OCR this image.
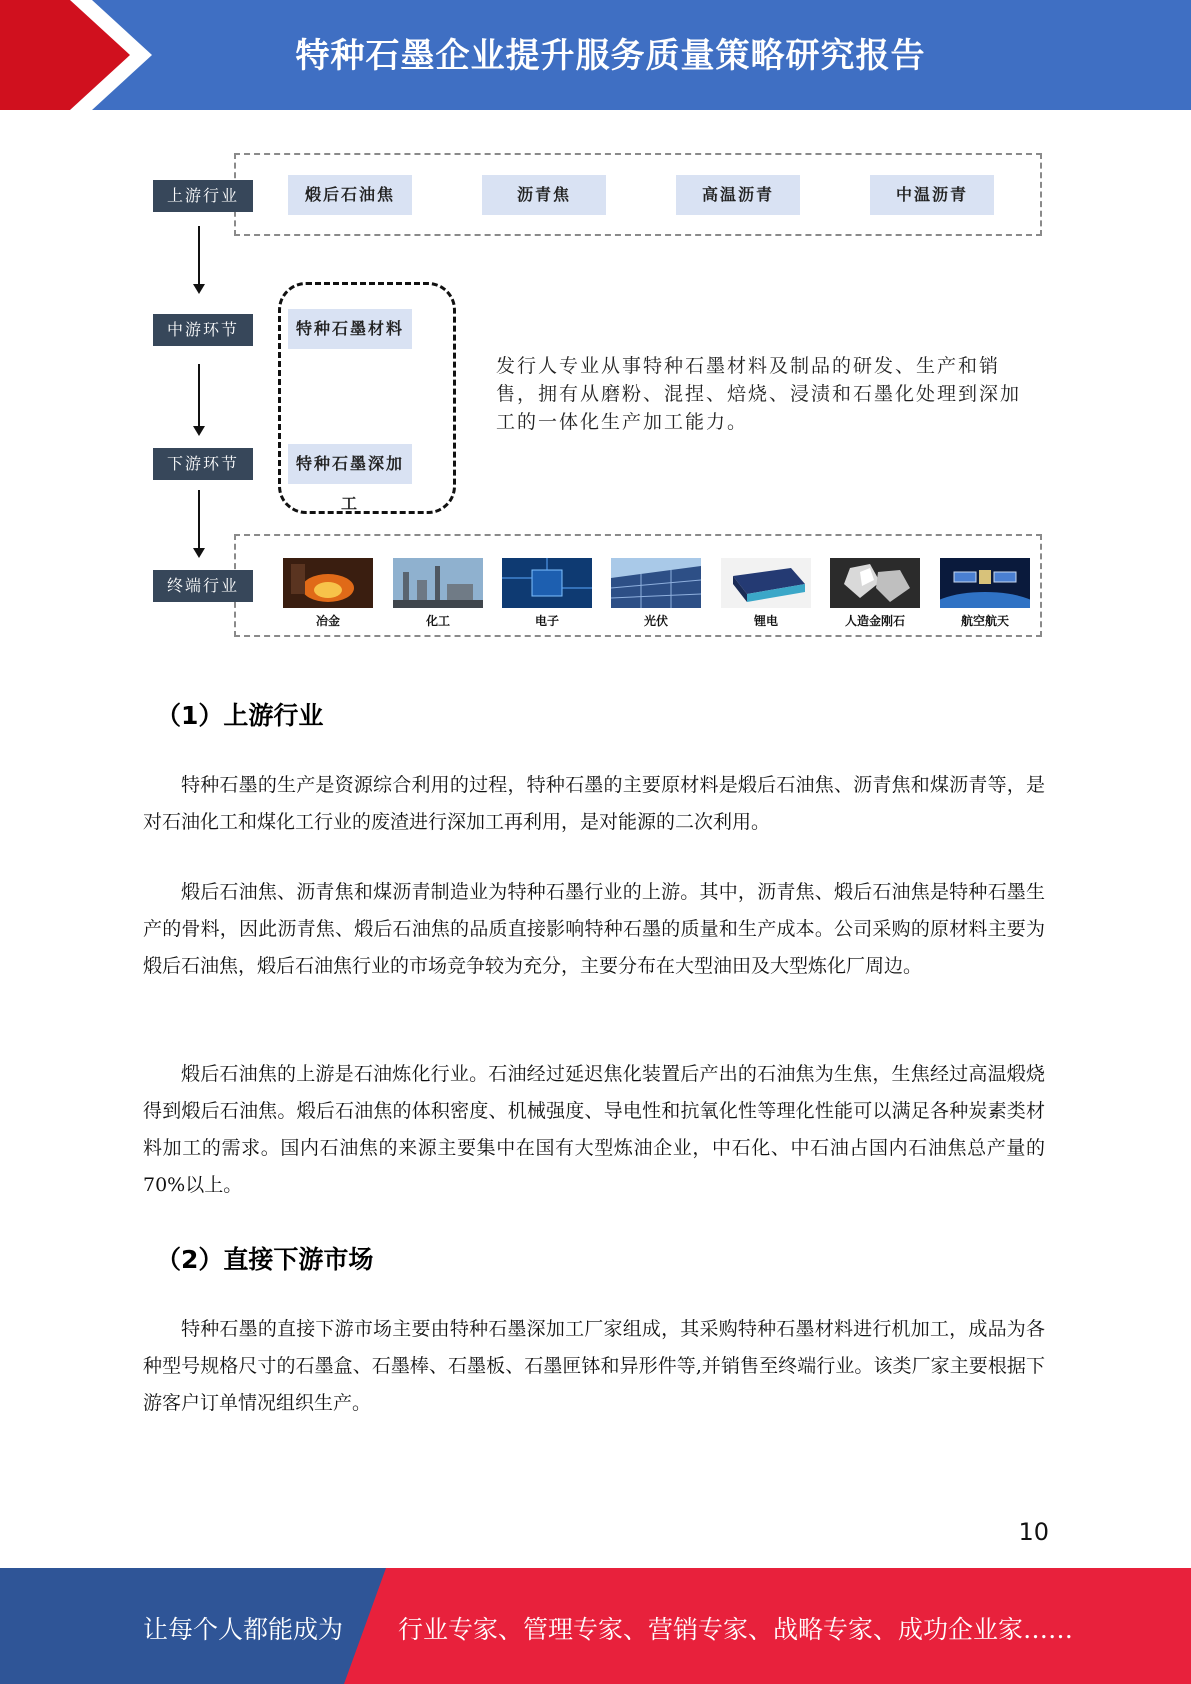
特种石墨企业提升服务质量策略研究报告
上游行业	煅后石油焦	沥青焦	高温沥青	中温沥青
中游环节	特种石墨材料
下游环节	特种石墨深加工
发行人专业从事特种石墨材料及制品的研发、生产和销售，拥有从磨粉、混捏、焙烧、浸渍和石墨化处理到深加工的一体化生产加工能力。
终端行业
冶金	化工	电子	光伏	锂电	人造金刚石	航空航天
（1）上游行业
特种石墨的生产是资源综合利用的过程，特种石墨的主要原材料是煅后石油焦、沥青焦和煤沥青等，是对石油化工和煤化工行业的废渣进行深加工再利用，是对能源的二次利用。
煅后石油焦、沥青焦和煤沥青制造业为特种石墨行业的上游。其中，沥青焦、煅后石油焦是特种石墨生产的骨料，因此沥青焦、煅后石油焦的品质直接影响特种石墨的质量和生产成本。公司采购的原材料主要为煅后石油焦，煅后石油焦行业的市场竞争较为充分，主要分布在大型油田及大型炼化厂周边。
煅后石油焦的上游是石油炼化行业。石油经过延迟焦化装置后产出的石油焦为生焦，生焦经过高温煅烧得到煅后石油焦。煅后石油焦的体积密度、机械强度、导电性和抗氧化性等理化性能可以满足各种炭素类材料加工的需求。国内石油焦的来源主要集中在国有大型炼油企业，中石化、中石油占国内石油焦总产量的 70%以上。
（2）直接下游市场
特种石墨的直接下游市场主要由特种石墨深加工厂家组成，其采购特种石墨材料进行机加工，成品为各种型号规格尺寸的石墨盒、石墨棒、石墨板、石墨匣钵和异形件等,并销售至终端行业。该类厂家主要根据下游客户订单情况组织生产。
10
让每个人都能成为 行业专家、管理专家、营销专家、战略专家、成功企业家……
